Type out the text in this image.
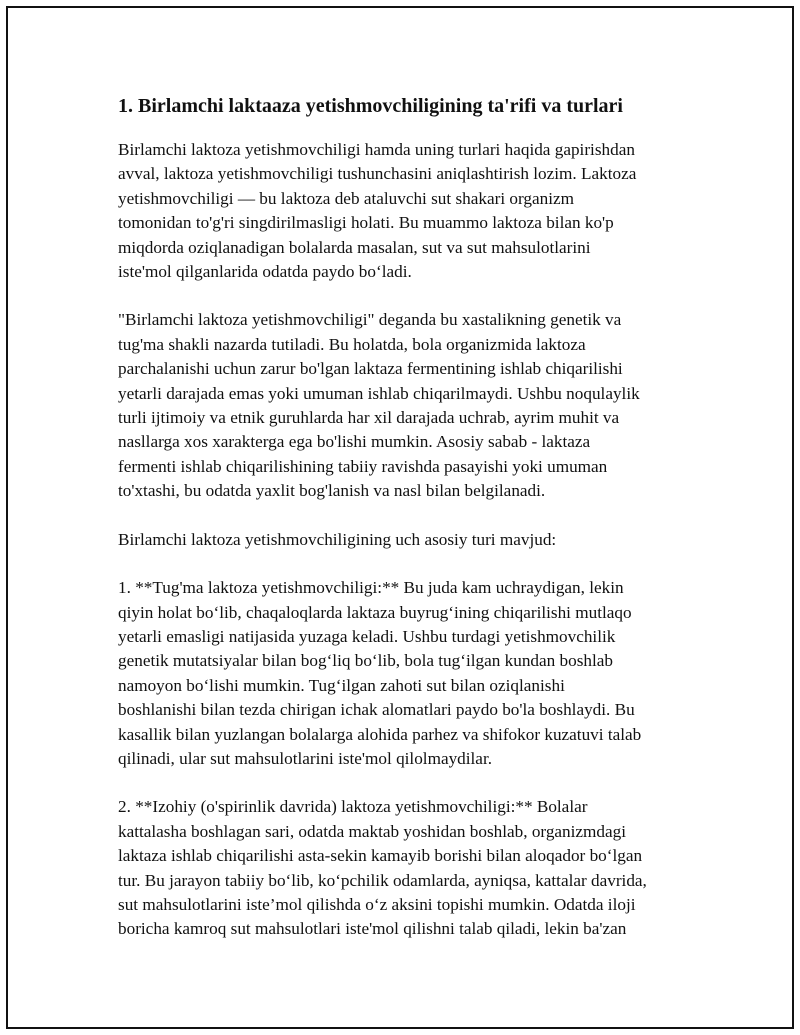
1. Birlamchi laktaaza yetishmovchiligining ta'rifi va turlari

Birlamchi laktoza yetishmovchiligi hamda uning turlari haqida gapirishdan
avval, laktoza yetishmovchiligi tushunchasini aniqlashtirish lozim. Laktoza
yetishmovchiligi — bu laktoza deb ataluvchi sut shakari organizm
tomonidan to'g'ri singdirilmasligi holati. Bu muammo laktoza bilan ko'p
miqdorda oziqlanadigan bolalarda masalan, sut va sut mahsulotlarini
iste'mol qilganlarida odatda paydo bo‘ladi.

"Birlamchi laktoza yetishmovchiligi" deganda bu xastalikning genetik va
tug'ma shakli nazarda tutiladi. Bu holatda, bola organizmida laktoza
parchalanishi uchun zarur bo'lgan laktaza fermentining ishlab chiqarilishi
yetarli darajada emas yoki umuman ishlab chiqarilmaydi. Ushbu noqulaylik
turli ijtimoiy va etnik guruhlarda har xil darajada uchrab, ayrim muhit va
nasllarga xos xarakterga ega bo'lishi mumkin. Asosiy sabab - laktaza
fermenti ishlab chiqarilishining tabiiy ravishda pasayishi yoki umuman
to'xtashi, bu odatda yaxlit bog'lanish va nasl bilan belgilanadi.

Birlamchi laktoza yetishmovchiligining uch asosiy turi mavjud:

1. **Tug'ma laktoza yetishmovchiligi:** Bu juda kam uchraydigan, lekin
qiyin holat bo‘lib, chaqaloqlarda laktaza buyrug‘ining chiqarilishi mutlaqo
yetarli emasligi natijasida yuzaga keladi. Ushbu turdagi yetishmovchilik
genetik mutatsiyalar bilan bog‘liq bo‘lib, bola tug‘ilgan kundan boshlab
namoyon bo‘lishi mumkin. Tug‘ilgan zahoti sut bilan oziqlanishi
boshlanishi bilan tezda chirigan ichak alomatlari paydo bo'la boshlaydi. Bu
kasallik bilan yuzlangan bolalarga alohida parhez va shifokor kuzatuvi talab
qilinadi, ular sut mahsulotlarini iste'mol qilolmaydilar.

2. **Izohiy (o'spirinlik davrida) laktoza yetishmovchiligi:** Bolalar
kattalasha boshlagan sari, odatda maktab yoshidan boshlab, organizmdagi
laktaza ishlab chiqarilishi asta-sekin kamayib borishi bilan aloqador bo‘lgan
tur. Bu jarayon tabiiy bo‘lib, ko‘pchilik odamlarda, ayniqsa, kattalar davrida,
sut mahsulotlarini iste’mol qilishda o‘z aksini topishi mumkin. Odatda iloji
boricha kamroq sut mahsulotlari iste'mol qilishni talab qiladi, lekin ba'zan
